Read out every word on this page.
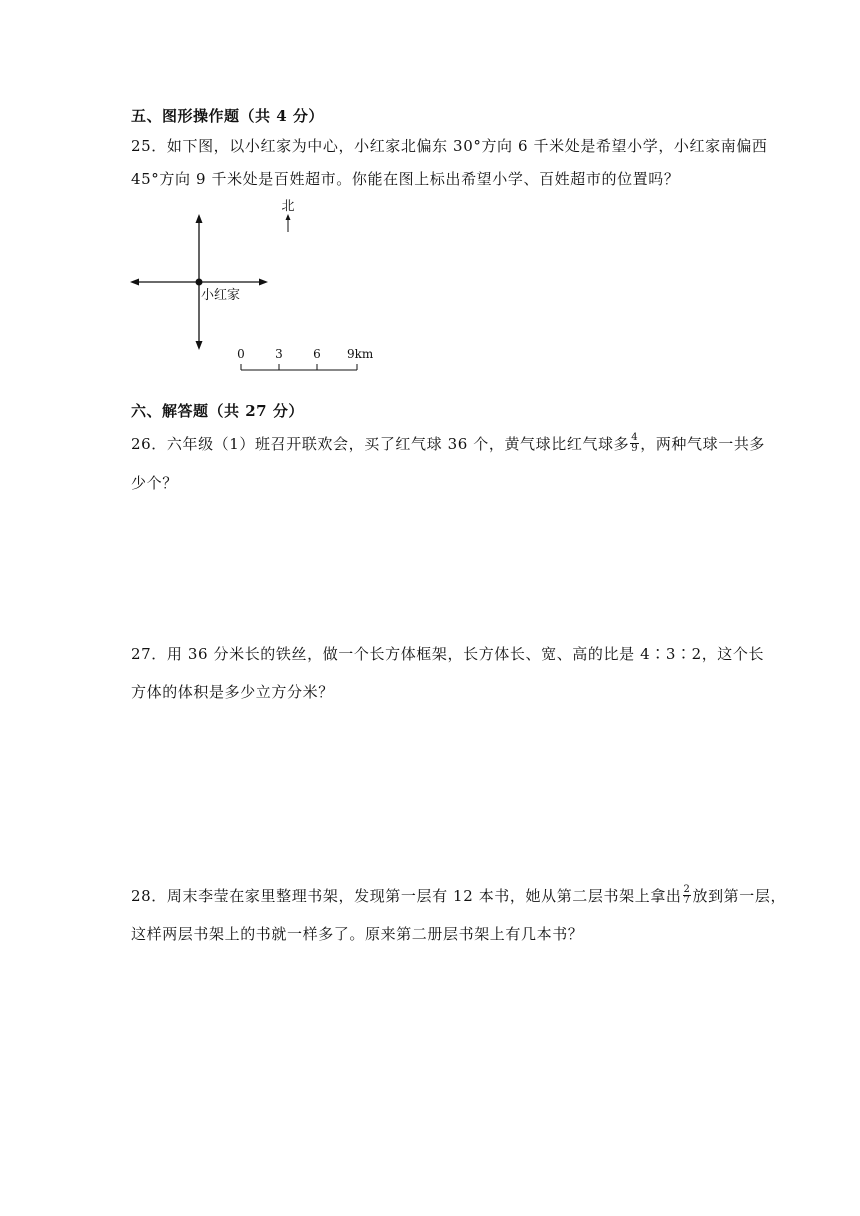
五、图形操作题（共 4 分）
25．如下图，以小红家为中心，小红家北偏东 30°方向 6 千米处是希望小学，小红家南偏西
45°方向 9 千米处是百姓超市。你能在图上标出希望小学、百姓超市的位置吗？
北
小红家
0	3	6 9km
六、解答题（共 27 分）
26．六年级（1）班召开联欢会，买了红气球 36 个，黄气球比红气球多 $\frac{4}{9}$ ，两种气球一共多
少个？
27．用 36 分米长的铁丝，做一个长方体框架，长方体长、宽、高的比是 4∶3∶2，这个长
方体的体积是多少立方分米？
28．周末李莹在家里整理书架，发现第一层有 12 本书，她从第二层书架上拿出 $\frac{2}{7}$ 放到第一层，
这样两层书架上的书就一样多了。原来第二册层书架上有几本书？
